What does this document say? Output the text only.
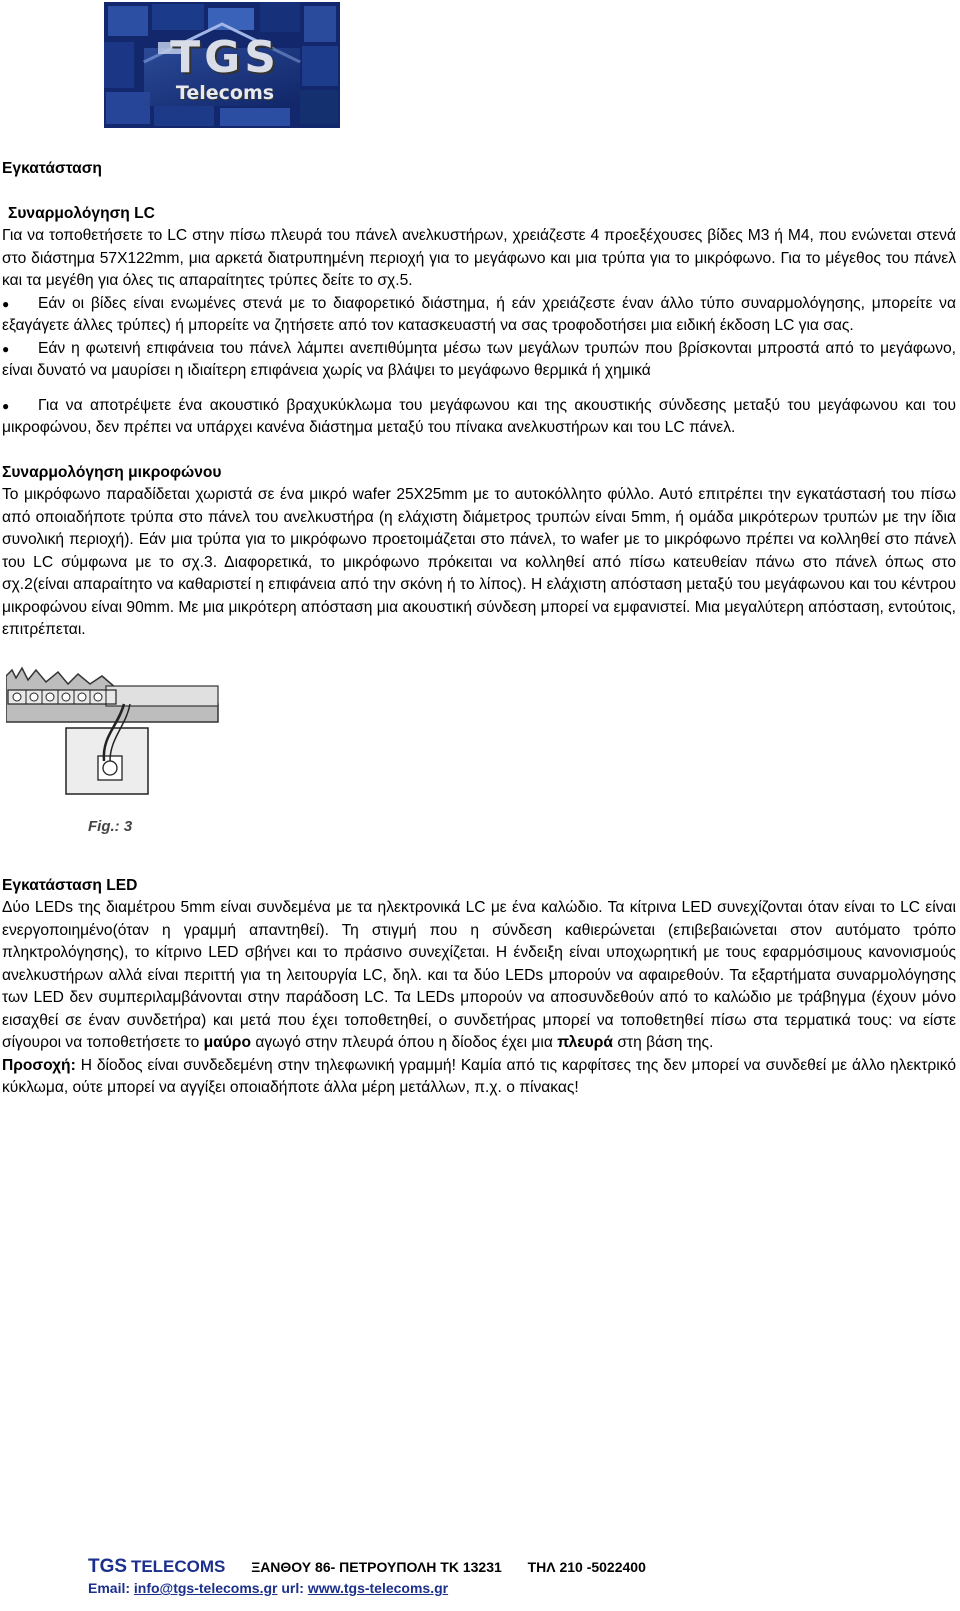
TGS
Telecoms

Εγκατάσταση

Συναρμολόγηση LC

Για να τοποθετήσετε το LC στην πίσω πλευρά του πάνελ ανελκυστήρων, χρειάζεστε 4 προεξέχουσες βίδες M3 ή M4, που ενώνεται στενά στο διάστημα 57X122mm, μια αρκετά διατρυπημένη περιοχή για το μεγάφωνο και μια τρύπα για το μικρόφωνο. Για το μέγεθος του πάνελ και τα μεγέθη για όλες τις απαραίτητες τρύπες δείτε το σχ.5.

● Εάν οι βίδες είναι ενωμένες στενά με το διαφορετικό διάστημα, ή εάν χρειάζεστε έναν άλλο τύπο συναρμολόγησης, μπορείτε να εξαγάγετε άλλες τρύπες) ή μπορείτε να ζητήσετε από τον κατασκευαστή να σας τροφοδοτήσει μια ειδική έκδοση LC για σας.

● Εάν η φωτεινή επιφάνεια του πάνελ λάμπει ανεπιθύμητα μέσω των μεγάλων τρυπών που βρίσκονται μπροστά από το μεγάφωνο, είναι δυνατό να μαυρίσει η ιδιαίτερη επιφάνεια χωρίς να βλάψει το μεγάφωνο θερμικά ή χημικά

● Για να αποτρέψετε ένα ακουστικό βραχυκύκλωμα του μεγάφωνου και της ακουστικής σύνδεσης μεταξύ του μεγάφωνου και του μικροφώνου, δεν πρέπει να υπάρχει κανένα διάστημα μεταξύ του πίνακα ανελκυστήρων και του LC πάνελ.

Συναρμολόγηση μικροφώνου

Το μικρόφωνο παραδίδεται χωριστά σε ένα μικρό wafer 25X25mm με το αυτοκόλλητο φύλλο. Αυτό επιτρέπει την εγκατάστασή του πίσω από οποιαδήποτε τρύπα στο πάνελ του ανελκυστήρα (η ελάχιστη διάμετρος τρυπών είναι 5mm, ή ομάδα μικρότερων τρυπών με την ίδια συνολική περιοχή). Εάν μια τρύπα για το μικρόφωνο προετοιμάζεται στο πάνελ, το wafer με το μικρόφωνο πρέπει να κολληθεί στο πάνελ του LC σύμφωνα με το σχ.3. Διαφορετικά, το μικρόφωνο πρόκειται να κολληθεί από πίσω κατευθείαν πάνω στο πάνελ όπως στο σχ.2(είναι απαραίτητο να καθαριστεί η επιφάνεια από την σκόνη ή το λίπος). Η ελάχιστη απόσταση μεταξύ του μεγάφωνου και του κέντρου μικροφώνου είναι 90mm. Με μια μικρότερη απόσταση μια ακουστική σύνδεση μπορεί να εμφανιστεί. Μια μεγαλύτερη απόσταση, εντούτοις, επιτρέπεται.

Fig.: 3

Εγκατάσταση LED

Δύο LEDs της διαμέτρου 5mm είναι συνδεμένα με τα ηλεκτρονικά LC με ένα καλώδιο. Τα κίτρινα LED συνεχίζονται όταν είναι το LC είναι ενεργοποιημένο(όταν η γραμμή απαντηθεί). Τη στιγμή που η σύνδεση καθιερώνεται (επιβεβαιώνεται στον αυτόματο τρόπο πληκτρολόγησης), το κίτρινο LED σβήνει και το πράσινο συνεχίζεται. Η ένδειξη είναι υποχωρητική με τους εφαρμόσιμους κανονισμούς ανελκυστήρων αλλά είναι περιττή για τη λειτουργία LC, δηλ. και τα δύο LEDs μπορούν να αφαιρεθούν. Τα εξαρτήματα συναρμολόγησης των LED δεν συμπεριλαμβάνονται στην παράδοση LC. Τα LEDs μπορούν να αποσυνδεθούν από το καλώδιο με τράβηγμα (έχουν μόνο εισαχθεί σε έναν συνδετήρα) και μετά που έχει τοποθετηθεί, ο συνδετήρας μπορεί να τοποθετηθεί πίσω στα τερματικά τους: να είστε σίγουροι να τοποθετήσετε το μαύρο αγωγό στην πλευρά όπου η δίοδος έχει μια πλευρά στη βάση της.

Προσοχή: Η δίοδος είναι συνδεδεμένη στην τηλεφωνική γραμμή! Καμία από τις καρφίτσες της δεν μπορεί να συνδεθεί με άλλο ηλεκτρικό κύκλωμα, ούτε μπορεί να αγγίξει οποιαδήποτε άλλα μέρη μετάλλων, π.χ. ο πίνακας!

TGS TELECOMS ΞΑΝΘΟΥ 86- ΠΕΤΡΟΥΠΟΛΗ ΤΚ 13231 ΤΗΛ 210 -5022400
Email: info@tgs-telecoms.gr url: www.tgs-telecoms.gr
